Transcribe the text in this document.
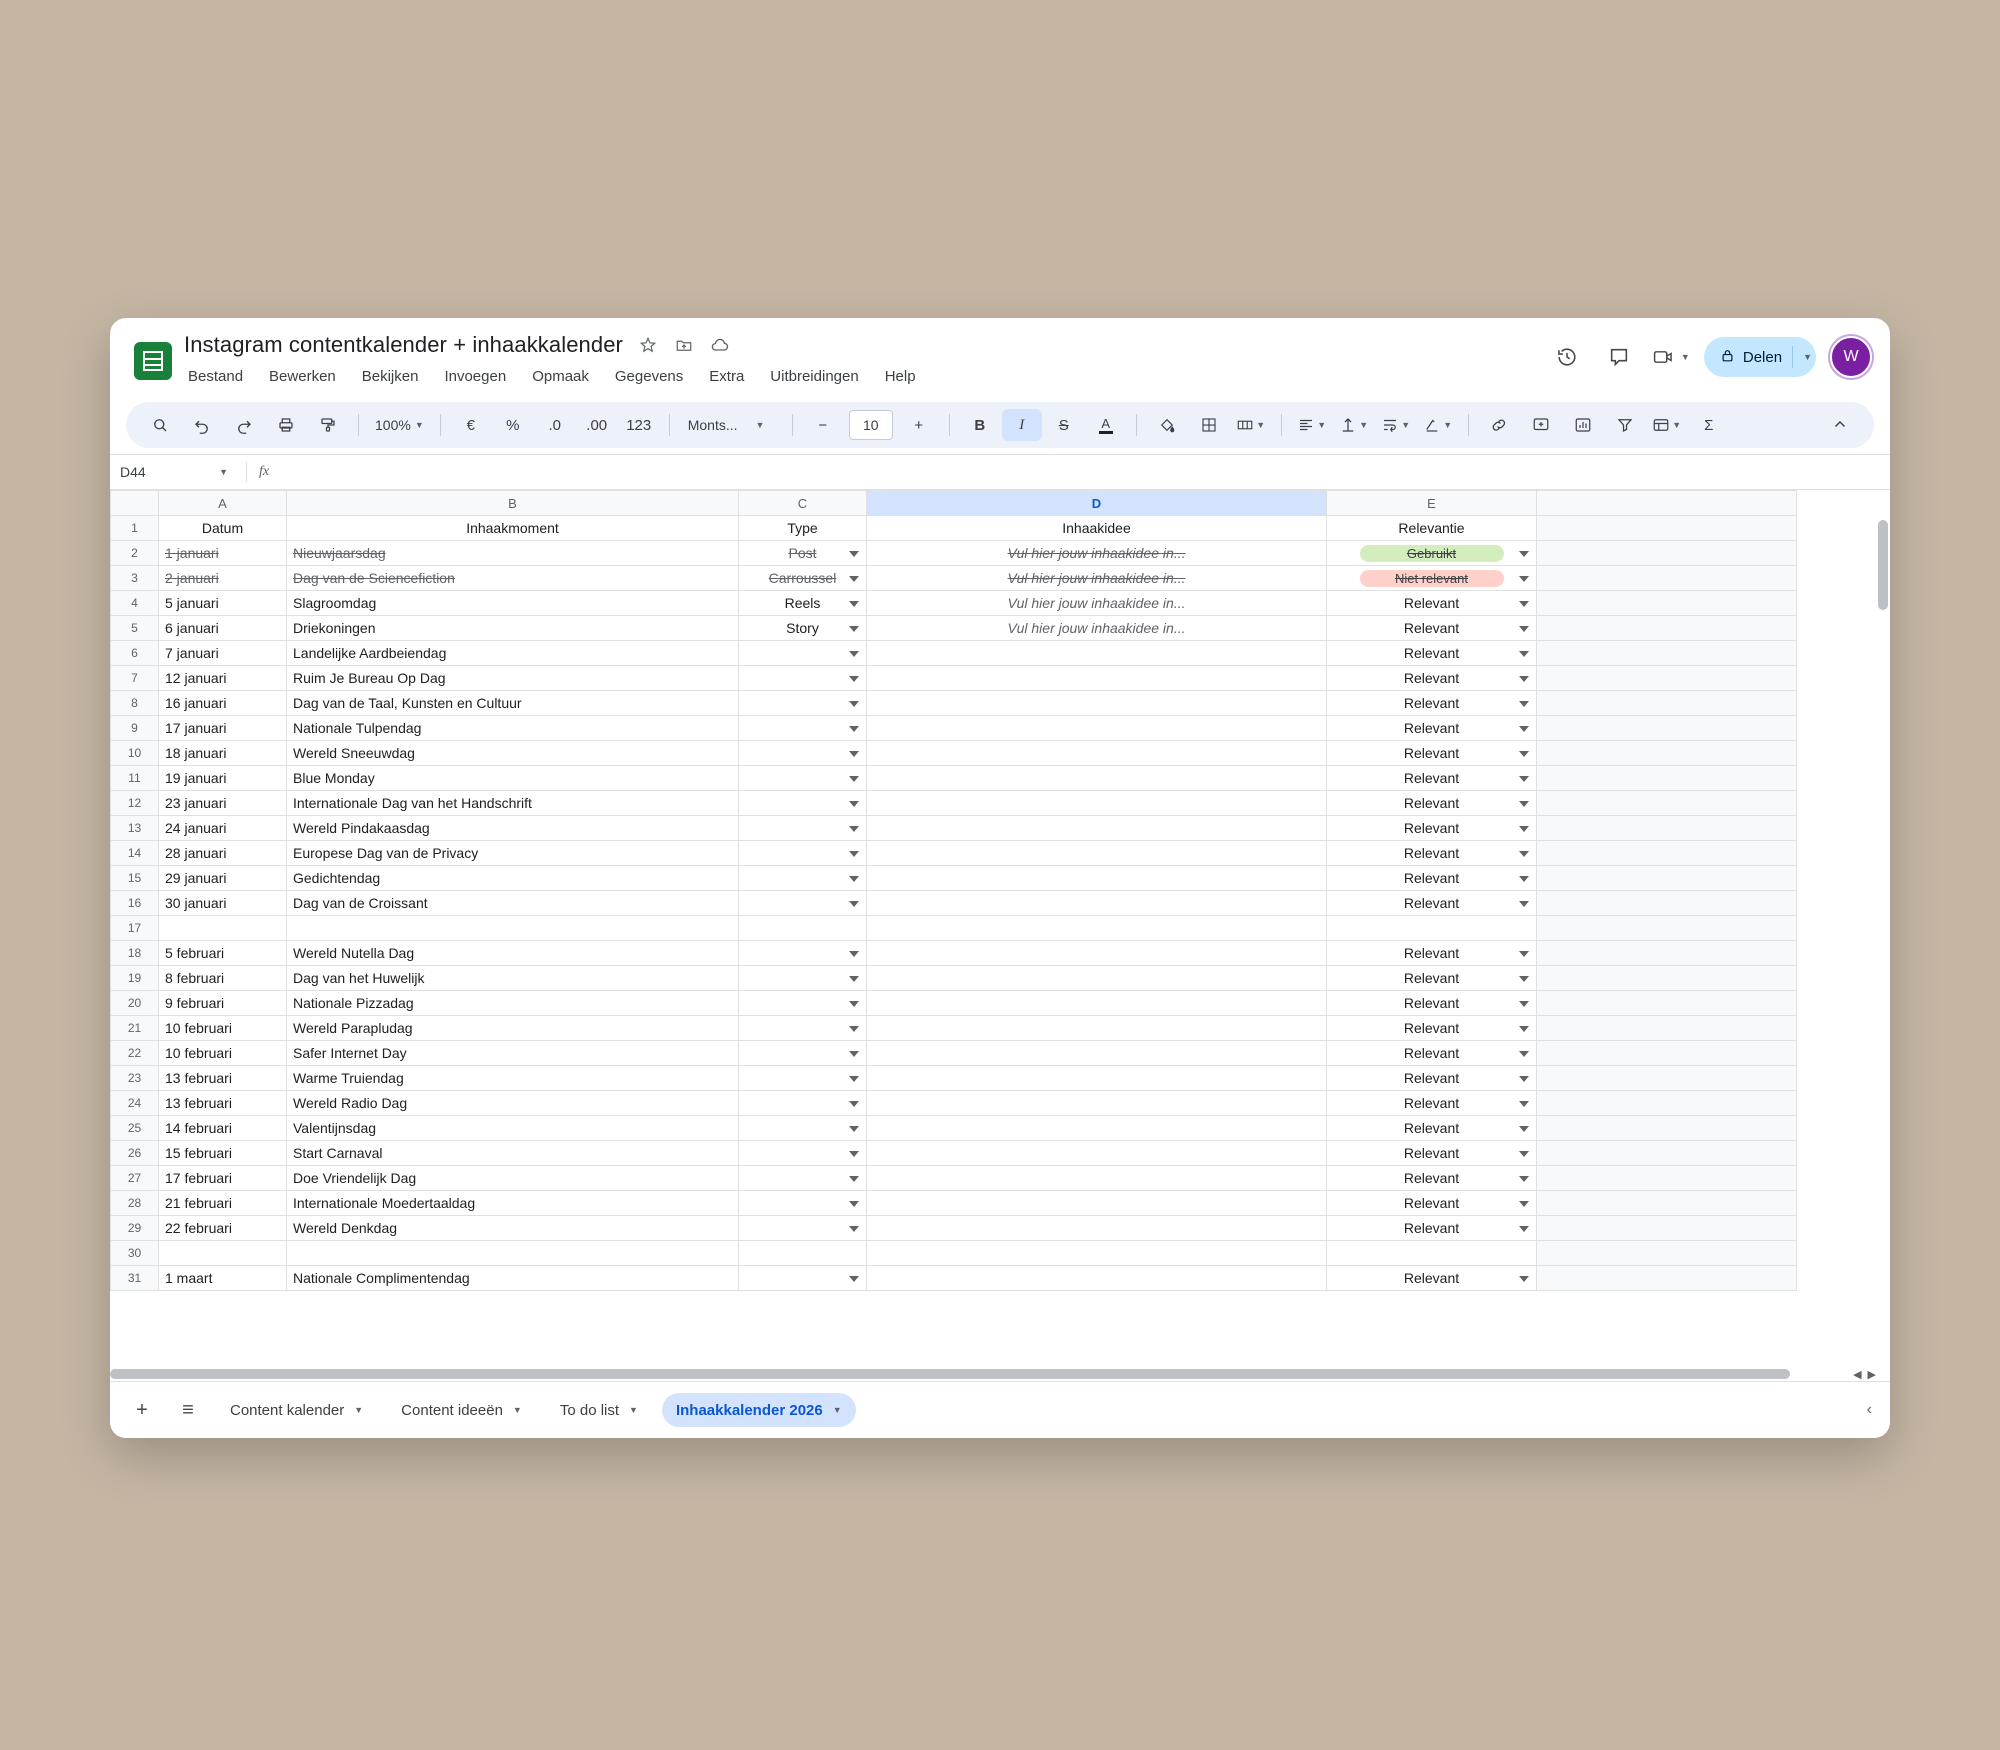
Instagram contentkalender + inhaakkalender
Bestand Bewerken Bekijken Invoegen Opmaak Gegevens Extra Uitbreidingen Help
▼	Delen ▼	W
100% ▼	€	%	.0	.00	123	Monts... ▼	−	10	+	B	I	S	A	▼	▼	▼	▼	▼	▼	Σ
D44	▼ fx
	A	B	C	D	E	
1	Datum	Inhaakmoment	Type	Inhaakidee	Relevantie	
2	1 januari	Nieuwjaarsdag	Post	Vul hier jouw inhaakidee in...	Gebruikt	
3	2 januari	Dag van de Sciencefiction	Carroussel	Vul hier jouw inhaakidee in...	Niet relevant	
4	5 januari	Slagroomdag	Reels	Vul hier jouw inhaakidee in...	Relevant	
5	6 januari	Driekoningen	Story	Vul hier jouw inhaakidee in...	Relevant	
6	7 januari	Landelijke Aardbeiendag			Relevant	
7	12 januari	Ruim Je Bureau Op Dag			Relevant	
8	16 januari	Dag van de Taal, Kunsten en Cultuur			Relevant	
9	17 januari	Nationale Tulpendag			Relevant	
10	18 januari	Wereld Sneeuwdag			Relevant	
11	19 januari	Blue Monday			Relevant	
12	23 januari	Internationale Dag van het Handschrift			Relevant	
13	24 januari	Wereld Pindakaasdag			Relevant	
14	28 januari	Europese Dag van de Privacy			Relevant	
15	29 januari	Gedichtendag			Relevant	
16	30 januari	Dag van de Croissant			Relevant	
17						
18	5 februari	Wereld Nutella Dag			Relevant	
19	8 februari	Dag van het Huwelijk			Relevant	
20	9 februari	Nationale Pizzadag			Relevant	
21	10 februari	Wereld Parapludag			Relevant	
22	10 februari	Safer Internet Day			Relevant	
23	13 februari	Warme Truiendag			Relevant	
24	13 februari	Wereld Radio Dag			Relevant	
25	14 februari	Valentijnsdag			Relevant	
26	15 februari	Start Carnaval			Relevant	
27	17 februari	Doe Vriendelijk Dag			Relevant	
28	21 februari	Internationale Moedertaaldag			Relevant	
29	22 februari	Wereld Denkdag			Relevant	
30						
31	1 maart	Nationale Complimentendag			Relevant	
◀ ▶
+	≡	Content kalender ▼	Content ideeën ▼	To do list ▼	Inhaakkalender 2026 ▼	‹
